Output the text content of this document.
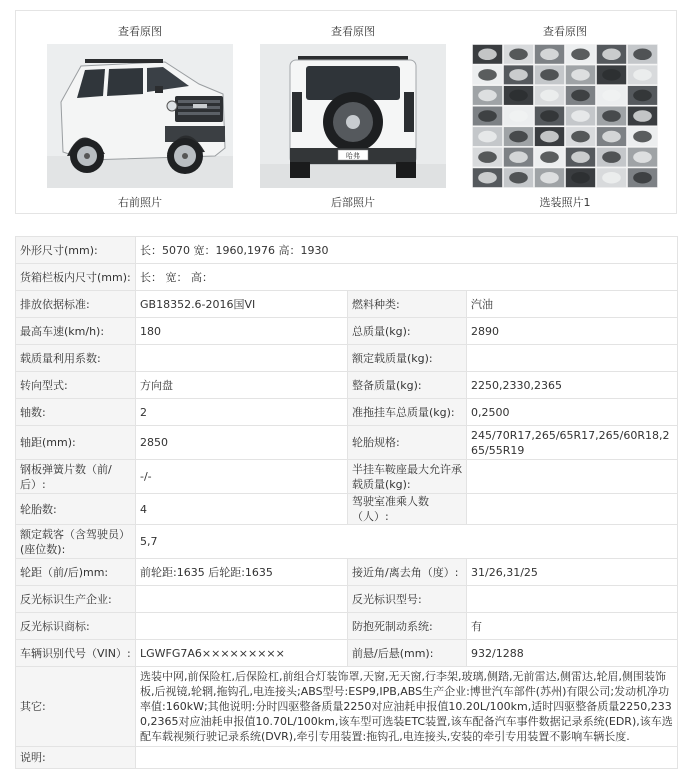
查看原图
右前照片
查看原图
哈弗
后部照片
查看原图
选装照片1
外形尺寸(mm):	长：5070 宽：1960,1976 高：1930		
货箱栏板内尺寸(mm):	长： 宽： 高：		
排放依据标准:	GB18352.6-2016国VI	燃料种类:	汽油
最高车速(km/h):	180	总质量(kg):	2890
载质量利用系数:		额定载质量(kg):	
转向型式:	方向盘	整备质量(kg):	2250,2330,2365
轴数:	2	准拖挂车总质量(kg):	0,2500
轴距(mm):	2850	轮胎规格:	245/70R17,265/65R17,265/60R18,265/55R19
钢板弹簧片数（前/后）:	-/-	半挂车鞍座最大允许承载质量(kg):	
轮胎数:	4	驾驶室准乘人数（人）:	
额定载客（含驾驶员）(座位数):	5,7		
轮距（前/后)mm:	前轮距:1635 后轮距:1635	接近角/离去角（度）:	31/26,31/25
反光标识生产企业:		反光标识型号:	
反光标识商标:		防抱死制动系统:	有
车辆识别代号（VIN）:	LGWFG7A6×××××××××	前悬/后悬(mm):	932/1288
其它:	选装中网,前保险杠,后保险杠,前组合灯装饰罩,天窗,无天窗,行李架,玻璃,侧踏,无前雷达,侧雷达,轮眉,侧围装饰板,后视镜,轮辋,拖钩孔,电连接头;ABS型号:ESP9,IPB,ABS生产企业:博世汽车部件(苏州)有限公司;发动机净功率值:160kW;其他说明:分时四驱整备质量2250对应油耗申报值10.20L/100km,适时四驱整备质量2250,2330,2365对应油耗申报值10.70L/100km,该车型可选装ETC装置,该车配备汽车事件数据记录系统(EDR),该车选配车载视频行驶记录系统(DVR),牵引专用装置:拖钩孔,电连接头,安装的牵引专用装置不影响车辆长度.		
说明:			
